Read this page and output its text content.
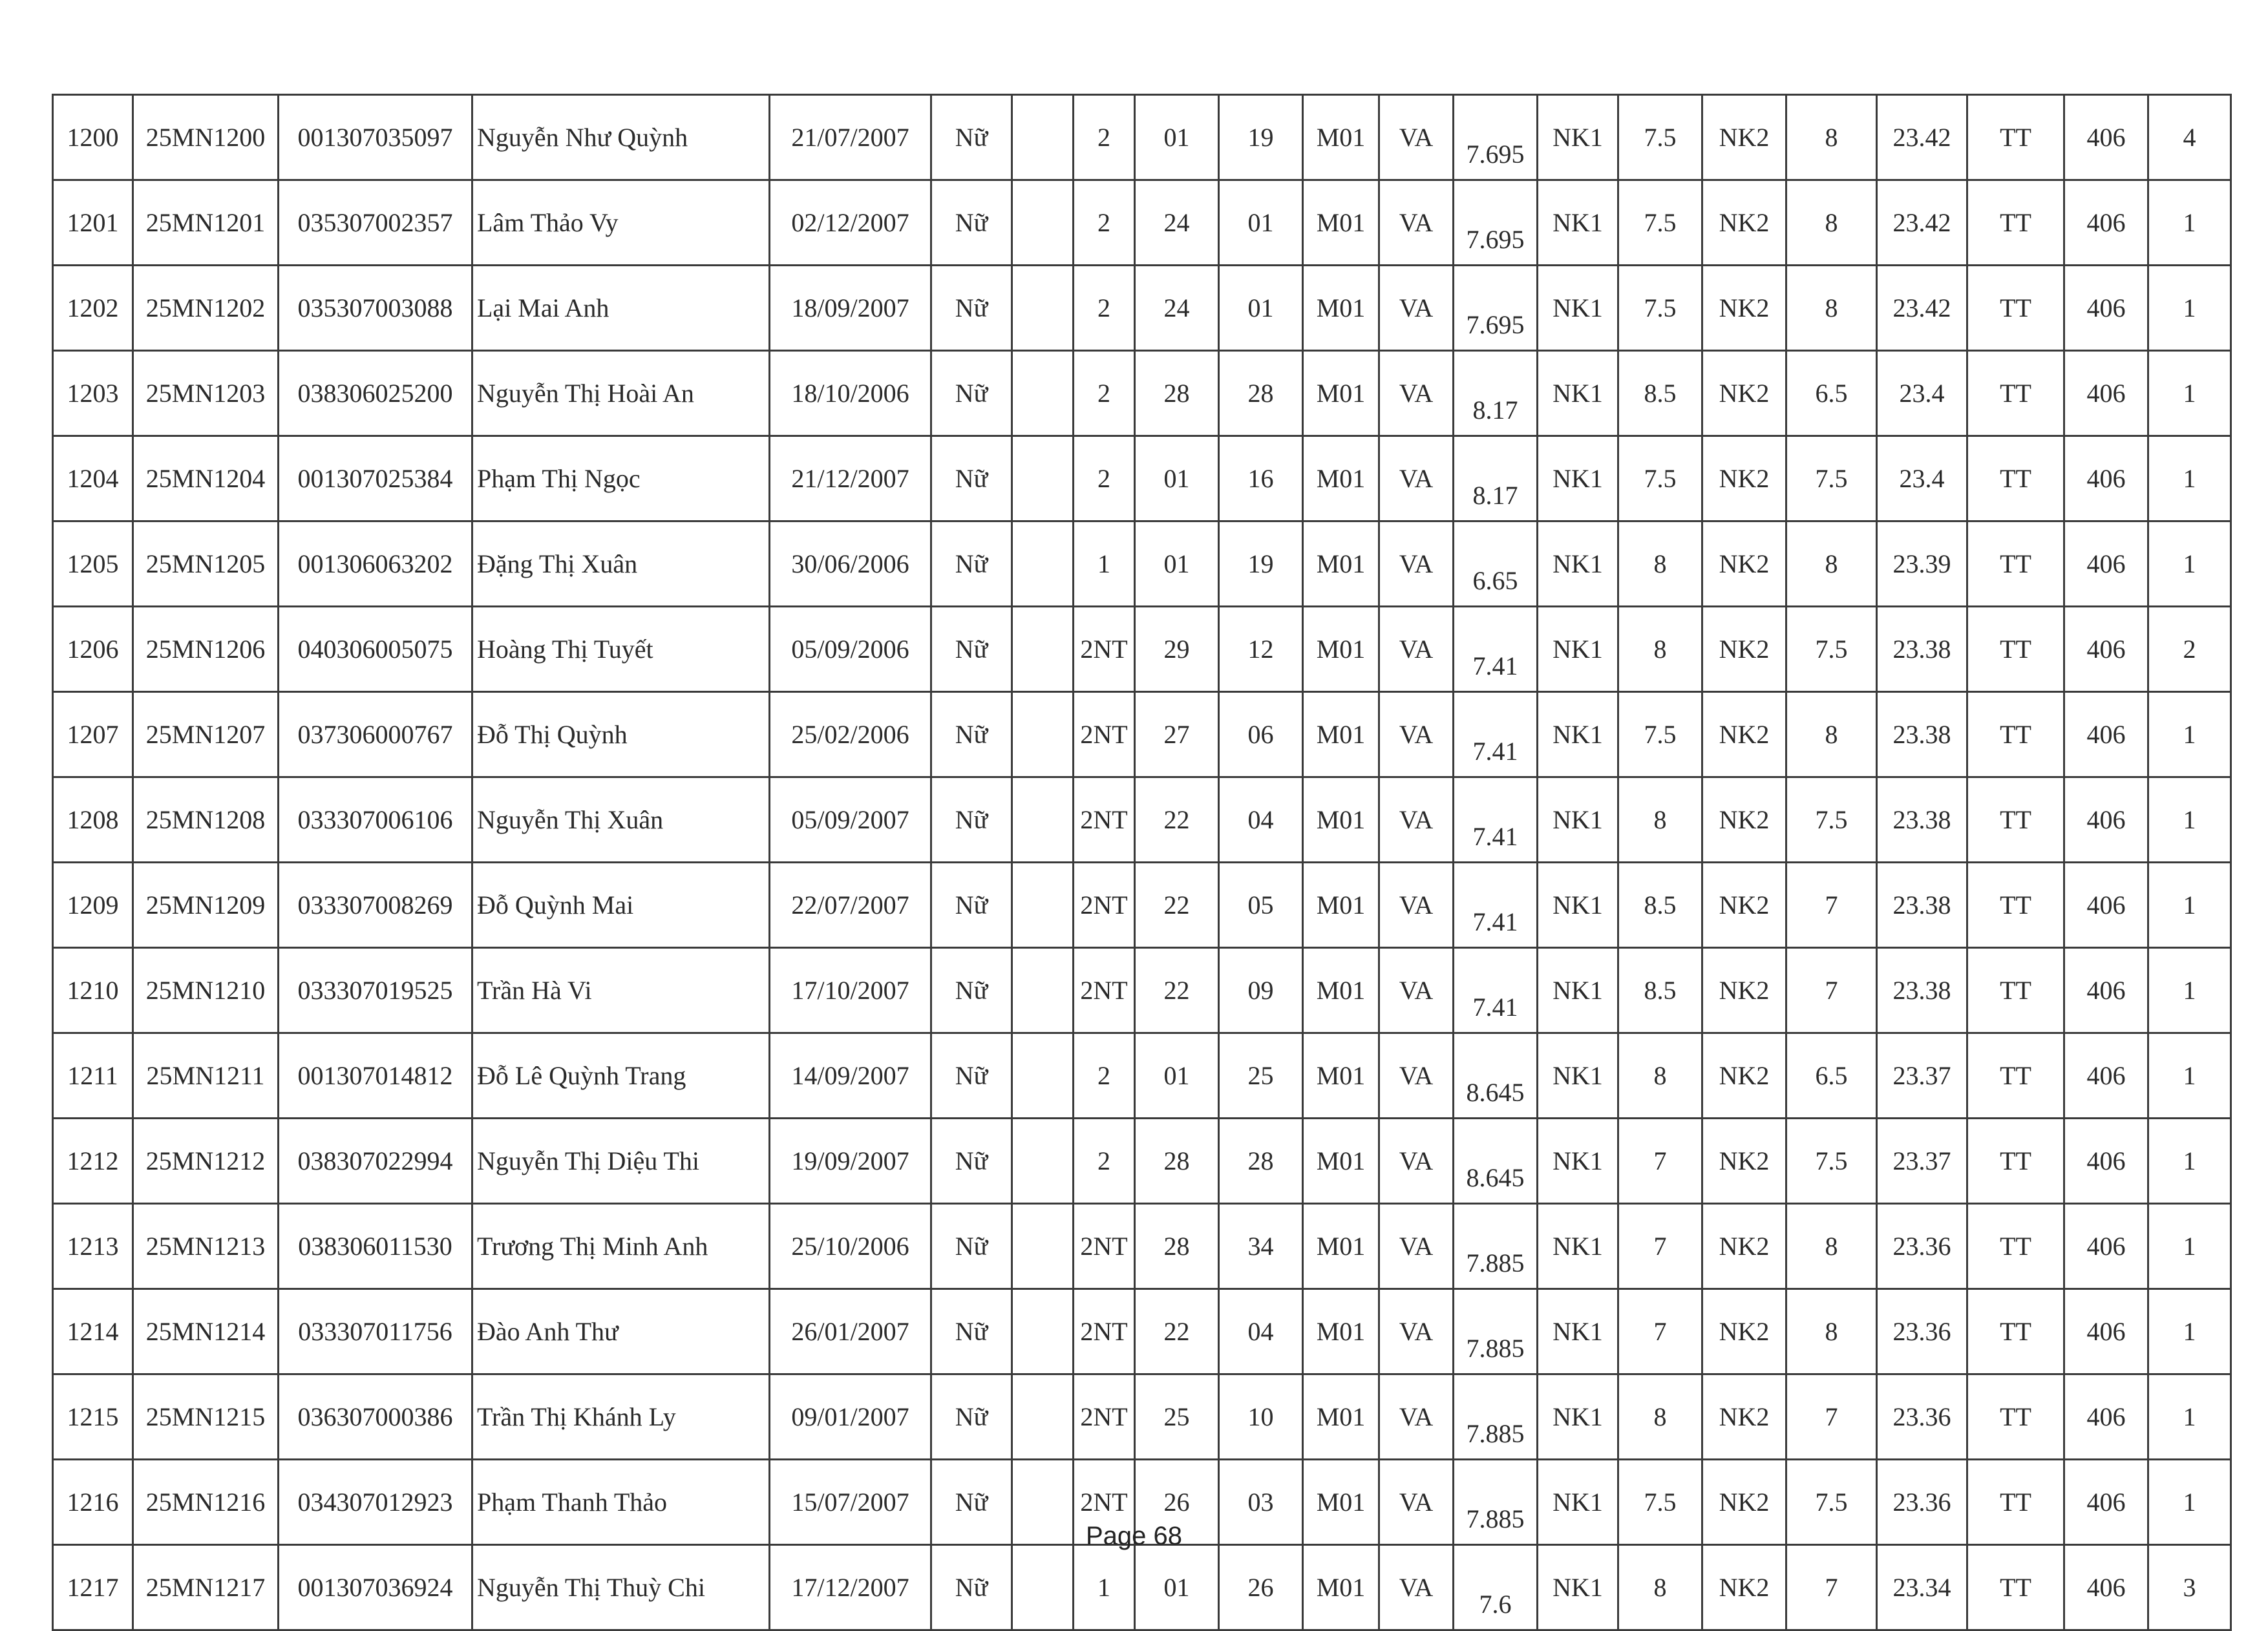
1200	25MN1200	001307035097	Nguyễn Như Quỳnh	21/07/2007	Nữ		2	01	19	M01	VA	7.695	NK1	7.5	NK2	8	23.42	TT	406	4
1201	25MN1201	035307002357	Lâm Thảo Vy	02/12/2007	Nữ		2	24	01	M01	VA	7.695	NK1	7.5	NK2	8	23.42	TT	406	1
1202	25MN1202	035307003088	Lại Mai Anh	18/09/2007	Nữ		2	24	01	M01	VA	7.695	NK1	7.5	NK2	8	23.42	TT	406	1
1203	25MN1203	038306025200	Nguyễn Thị Hoài An	18/10/2006	Nữ		2	28	28	M01	VA	8.17	NK1	8.5	NK2	6.5	23.4	TT	406	1
1204	25MN1204	001307025384	Phạm Thị Ngọc	21/12/2007	Nữ		2	01	16	M01	VA	8.17	NK1	7.5	NK2	7.5	23.4	TT	406	1
1205	25MN1205	001306063202	Đặng Thị Xuân	30/06/2006	Nữ		1	01	19	M01	VA	6.65	NK1	8	NK2	8	23.39	TT	406	1
1206	25MN1206	040306005075	Hoàng Thị Tuyết	05/09/2006	Nữ		2NT	29	12	M01	VA	7.41	NK1	8	NK2	7.5	23.38	TT	406	2
1207	25MN1207	037306000767	Đỗ Thị Quỳnh	25/02/2006	Nữ		2NT	27	06	M01	VA	7.41	NK1	7.5	NK2	8	23.38	TT	406	1
1208	25MN1208	033307006106	Nguyễn Thị Xuân	05/09/2007	Nữ		2NT	22	04	M01	VA	7.41	NK1	8	NK2	7.5	23.38	TT	406	1
1209	25MN1209	033307008269	Đỗ Quỳnh Mai	22/07/2007	Nữ		2NT	22	05	M01	VA	7.41	NK1	8.5	NK2	7	23.38	TT	406	1
1210	25MN1210	033307019525	Trần Hà Vi	17/10/2007	Nữ		2NT	22	09	M01	VA	7.41	NK1	8.5	NK2	7	23.38	TT	406	1
1211	25MN1211	001307014812	Đỗ Lê Quỳnh Trang	14/09/2007	Nữ		2	01	25	M01	VA	8.645	NK1	8	NK2	6.5	23.37	TT	406	1
1212	25MN1212	038307022994	Nguyễn Thị Diệu Thi	19/09/2007	Nữ		2	28	28	M01	VA	8.645	NK1	7	NK2	7.5	23.37	TT	406	1
1213	25MN1213	038306011530	Trương Thị Minh Anh	25/10/2006	Nữ		2NT	28	34	M01	VA	7.885	NK1	7	NK2	8	23.36	TT	406	1
1214	25MN1214	033307011756	Đào Anh Thư	26/01/2007	Nữ		2NT	22	04	M01	VA	7.885	NK1	7	NK2	8	23.36	TT	406	1
1215	25MN1215	036307000386	Trần Thị Khánh Ly	09/01/2007	Nữ		2NT	25	10	M01	VA	7.885	NK1	8	NK2	7	23.36	TT	406	1
1216	25MN1216	034307012923	Phạm Thanh Thảo	15/07/2007	Nữ		2NT	26	03	M01	VA	7.885	NK1	7.5	NK2	7.5	23.36	TT	406	1
1217	25MN1217	001307036924	Nguyễn Thị Thuỳ Chi	17/12/2007	Nữ		1	01	26	M01	VA	7.6	NK1	8	NK2	7	23.34	TT	406	3
Page 68
